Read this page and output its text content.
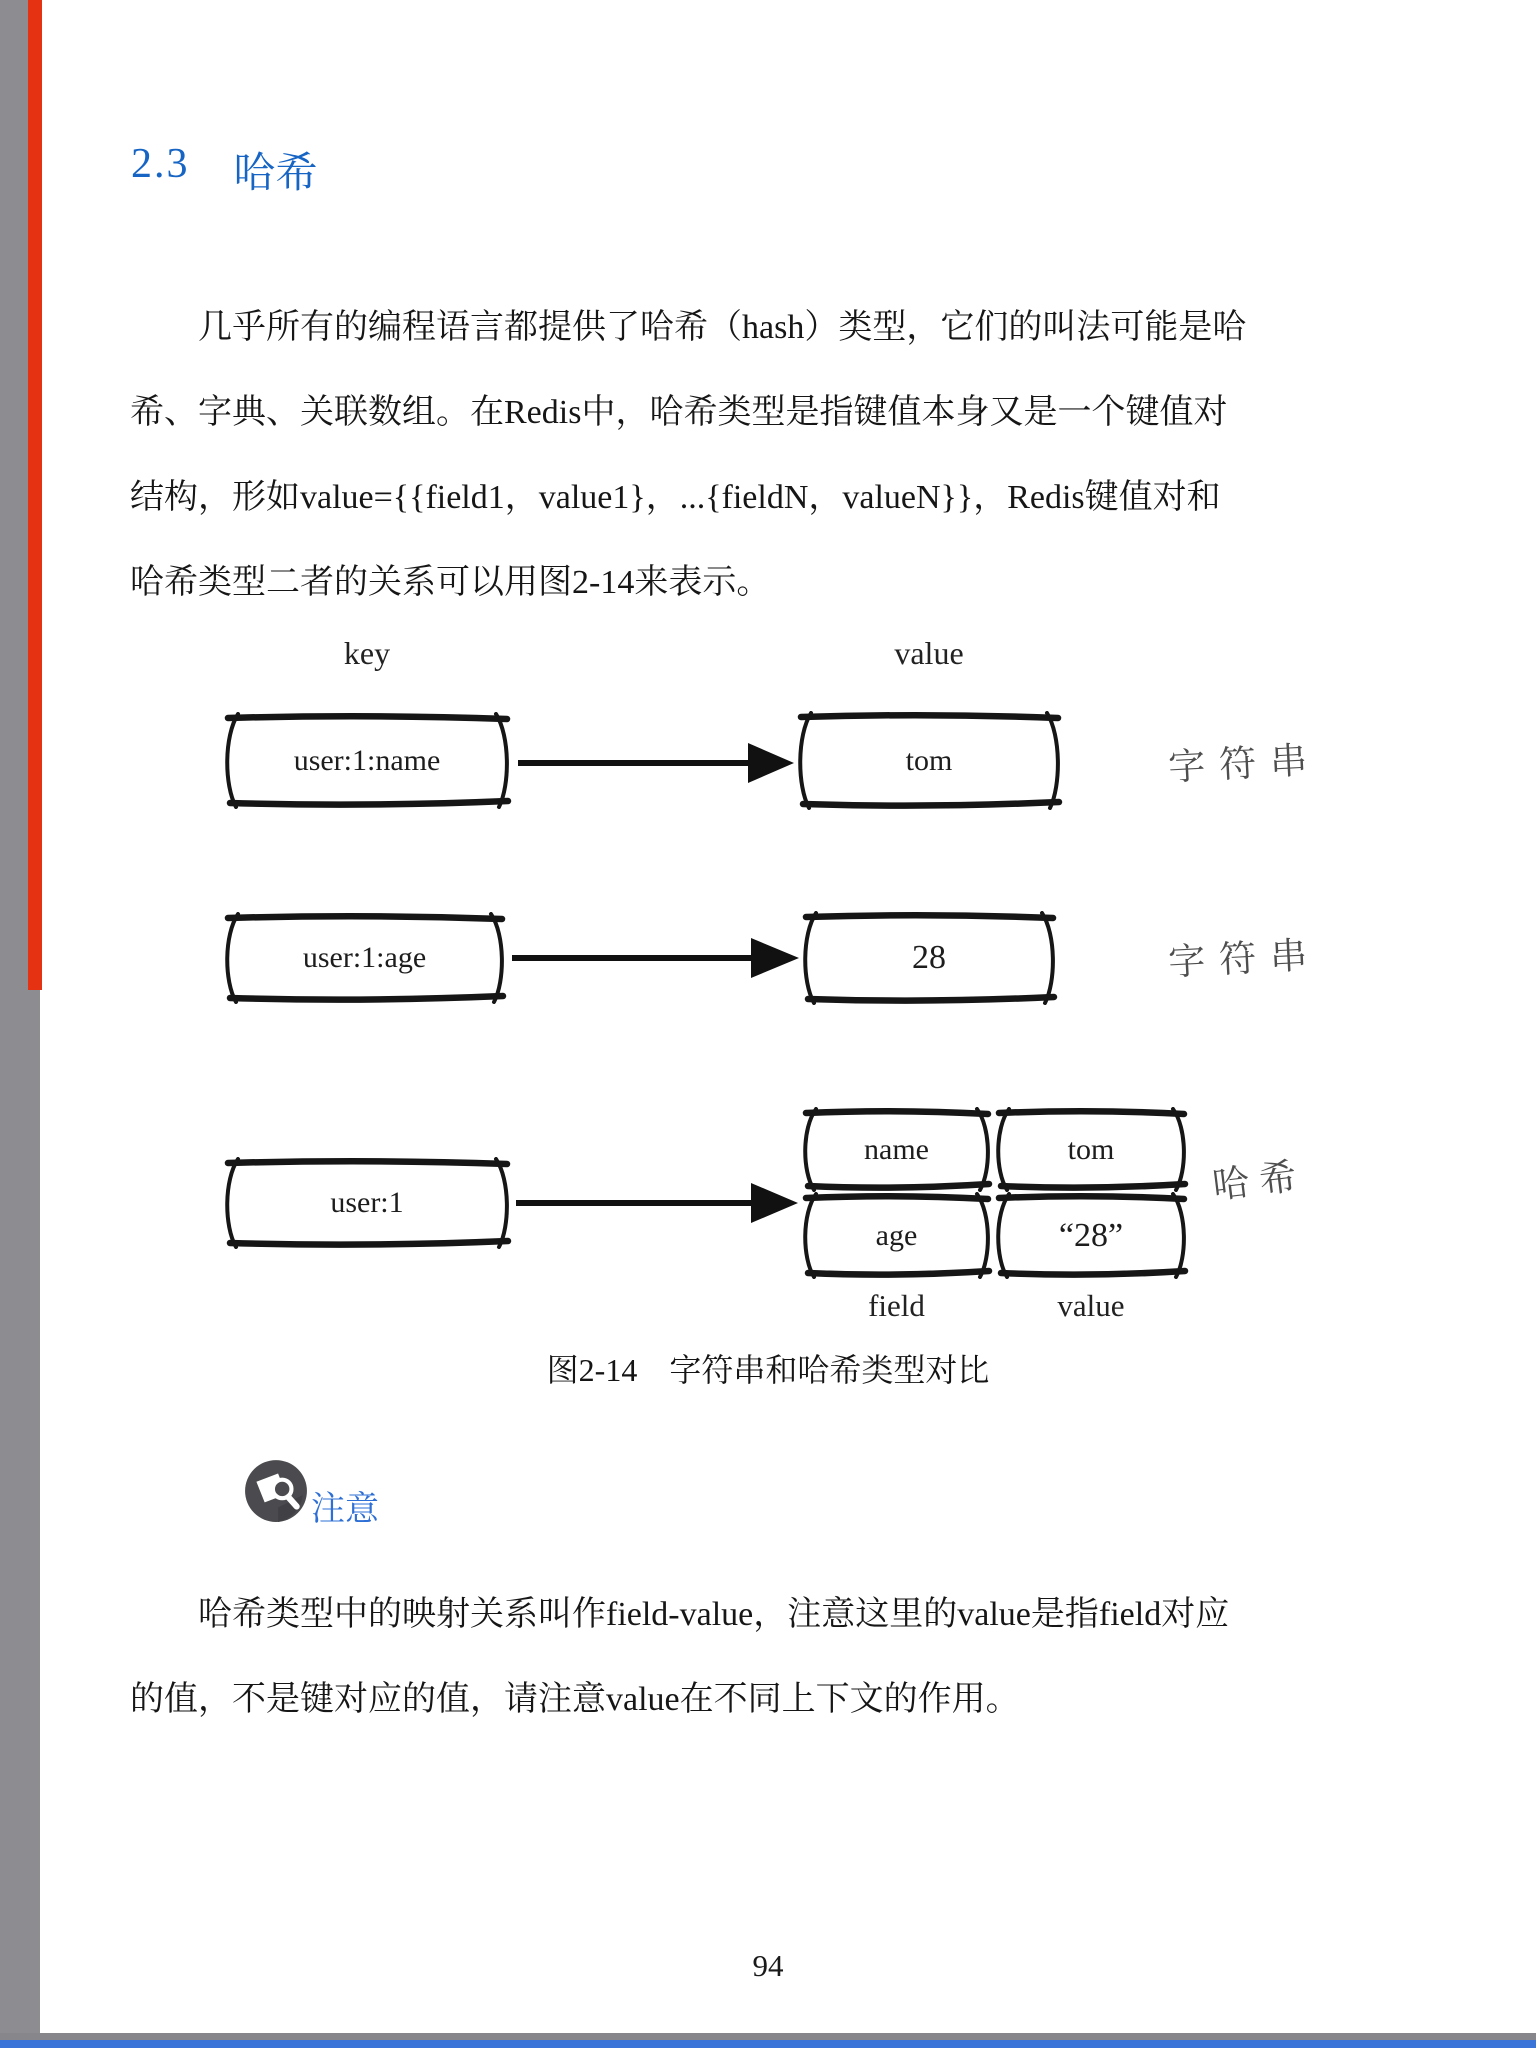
2.3 哈希
几乎所有的编程语言都提供了哈希（hash）类型，它们的叫法可能是哈
希、字典、关联数组。在Redis中，哈希类型是指键值本身又是一个键值对
结构，形如value={{field1，value1}，...{fieldN，valueN}}，Redis键值对和
哈希类型二者的关系可以用图2-14来表示。
key	value
user:1:name	tom	字符串
user:1:age	28	字符串
user:1
name	tom
age	“28”
哈希
field	value
图2-14　字符串和哈希类型对比
注意
哈希类型中的映射关系叫作field-value，注意这里的value是指field对应
的值，不是键对应的值，请注意value在不同上下文的作用。
94
